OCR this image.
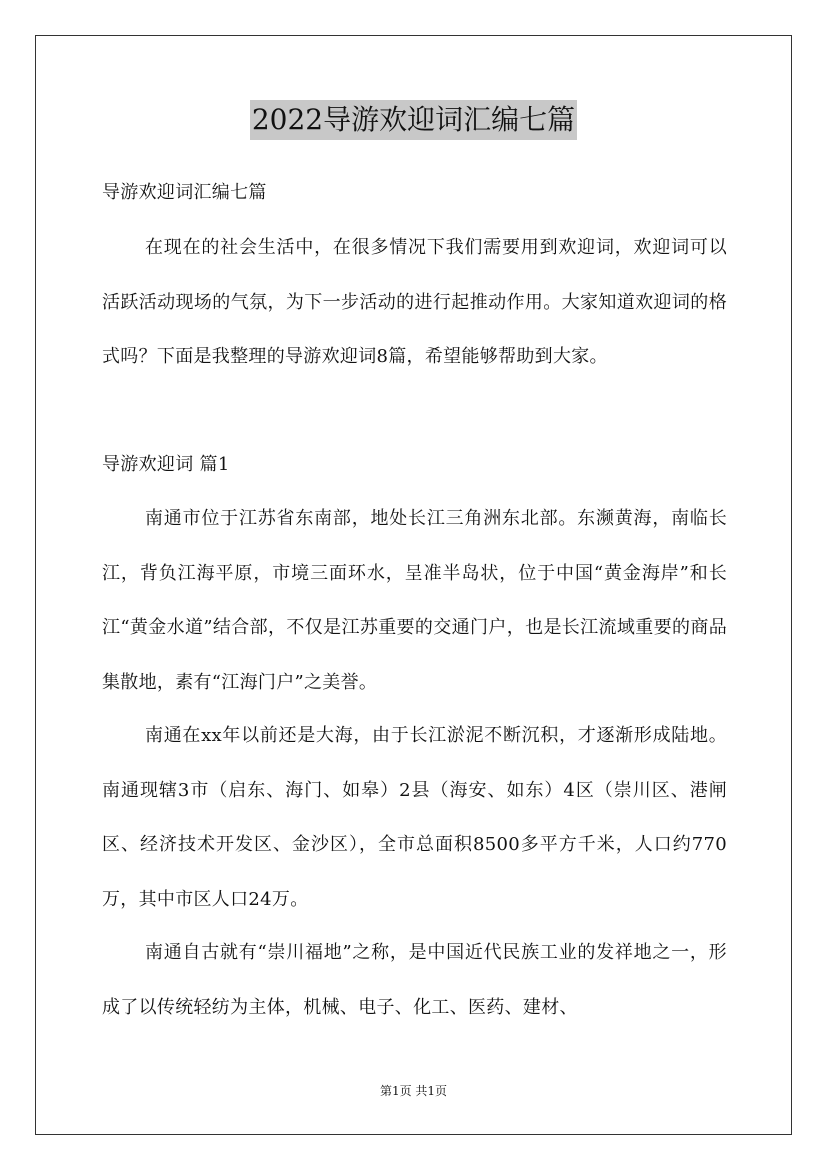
2022导游欢迎词汇编七篇

导游欢迎词汇编七篇

在现在的社会生活中，在很多情况下我们需要用到欢迎词，欢迎词可以活跃活动现场的气氛，为下一步活动的进行起推动作用。大家知道欢迎词的格式吗？下面是我整理的导游欢迎词8篇，希望能够帮助到大家。

导游欢迎词 篇1

南通市位于江苏省东南部，地处长江三角洲东北部。东濒黄海，南临长江，背负江海平原，市境三面环水，呈准半岛状，位于中国“黄金海岸”和长江“黄金水道”结合部，不仅是江苏重要的交通门户，也是长江流域重要的商品集散地，素有“江海门户”之美誉。

南通在xx年以前还是大海，由于长江淤泥不断沉积，才逐渐形成陆地。南通现辖3市（启东、海门、如皋）2县（海安、如东）4区（崇川区、港闸区、经济技术开发区、金沙区），全市总面积8500多平方千米，人口约770万，其中市区人口24万。

南通自古就有“崇川福地”之称，是中国近代民族工业的发祥地之一，形成了以传统轻纺为主体，机械、电子、化工、医药、建材、

第1页 共1页
